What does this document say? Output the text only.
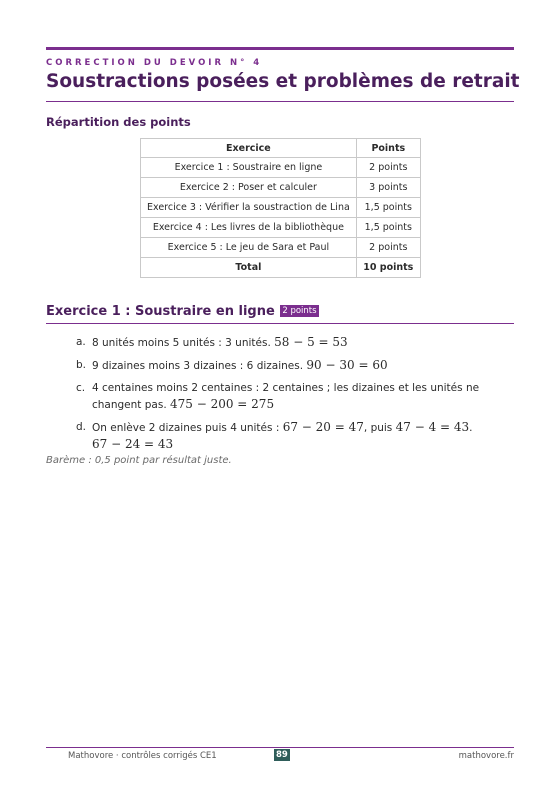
CORRECTION DU DEVOIR N° 4
Soustractions posées et problèmes de retrait
Répartition des points
Exercice	Points
Exercice 1 : Soustraire en ligne	2 points
Exercice 2 : Poser et calculer	3 points
Exercice 3 : Vérifier la soustraction de Lina	1,5 points
Exercice 4 : Les livres de la bibliothèque	1,5 points
Exercice 5 : Le jeu de Sara et Paul	2 points
Total	10 points
Exercice 1 : Soustraire en ligne 2 points
a. 8 unités moins 5 unités : 3 unités. 58 − 5 = 53
b. 9 dizaines moins 3 dizaines : 6 dizaines. 90 − 30 = 60
c. 4 centaines moins 2 centaines : 2 centaines ; les dizaines et les unités ne changent pas. 475 − 200 = 275
d. On enlève 2 dizaines puis 4 unités : 67 − 20 = 47, puis 47 − 4 = 43.
67 − 24 = 43
Barème : 0,5 point par résultat juste.
Mathovore · contrôles corrigés CE1	89	mathovore.fr
